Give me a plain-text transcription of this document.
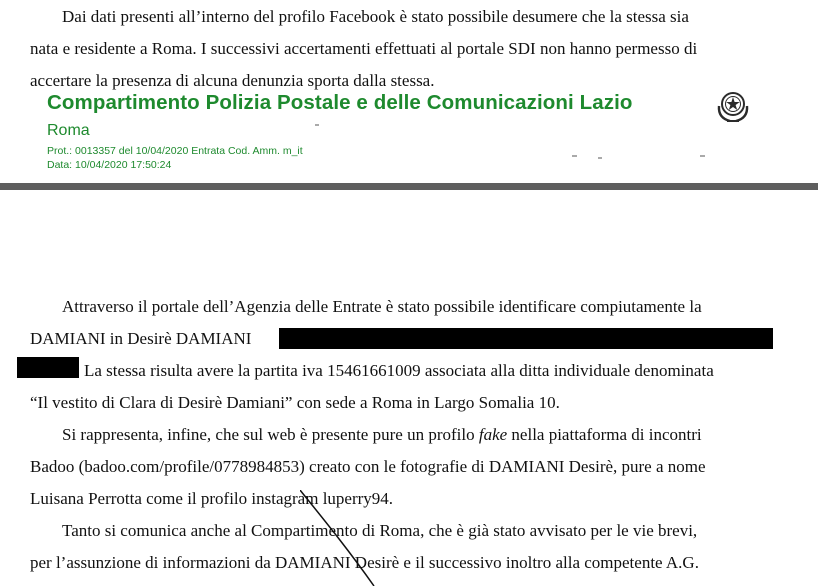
Dai dati presenti all’interno del profilo Facebook è stato possibile desumere che la stessa sia
nata e residente a Roma. I successivi accertamenti effettuati al portale SDI non hanno permesso di
accertare la presenza di alcuna denunzia sporta dalla stessa.
Compartimento Polizia Postale e delle Comunicazioni Lazio
Roma
Prot.: 0013357 del 10/04/2020 Entrata Cod. Amm. m_it
Data: 10/04/2020 17:50:24
Attraverso il portale dell’Agenzia delle Entrate è stato possibile identificare compiutamente la
DAMIANI in Desirè DAMIANI
La stessa risulta avere la partita iva 15461661009 associata alla ditta individuale denominata
“Il vestito di Clara di Desirè Damiani” con sede a Roma in Largo Somalia 10.
Si rappresenta, infine, che sul web è presente pure un profilo fake nella piattaforma di incontri
Badoo (badoo.com/profile/0778984853) creato con le fotografie di DAMIANI Desirè, pure a nome
Luisana Perrotta come il profilo instagram luperry94.
Tanto si comunica anche al Compartimento di Roma, che è già stato avvisato per le vie brevi,
per l’assunzione di informazioni da DAMIANI Desirè e il successivo inoltro alla competente A.G.
